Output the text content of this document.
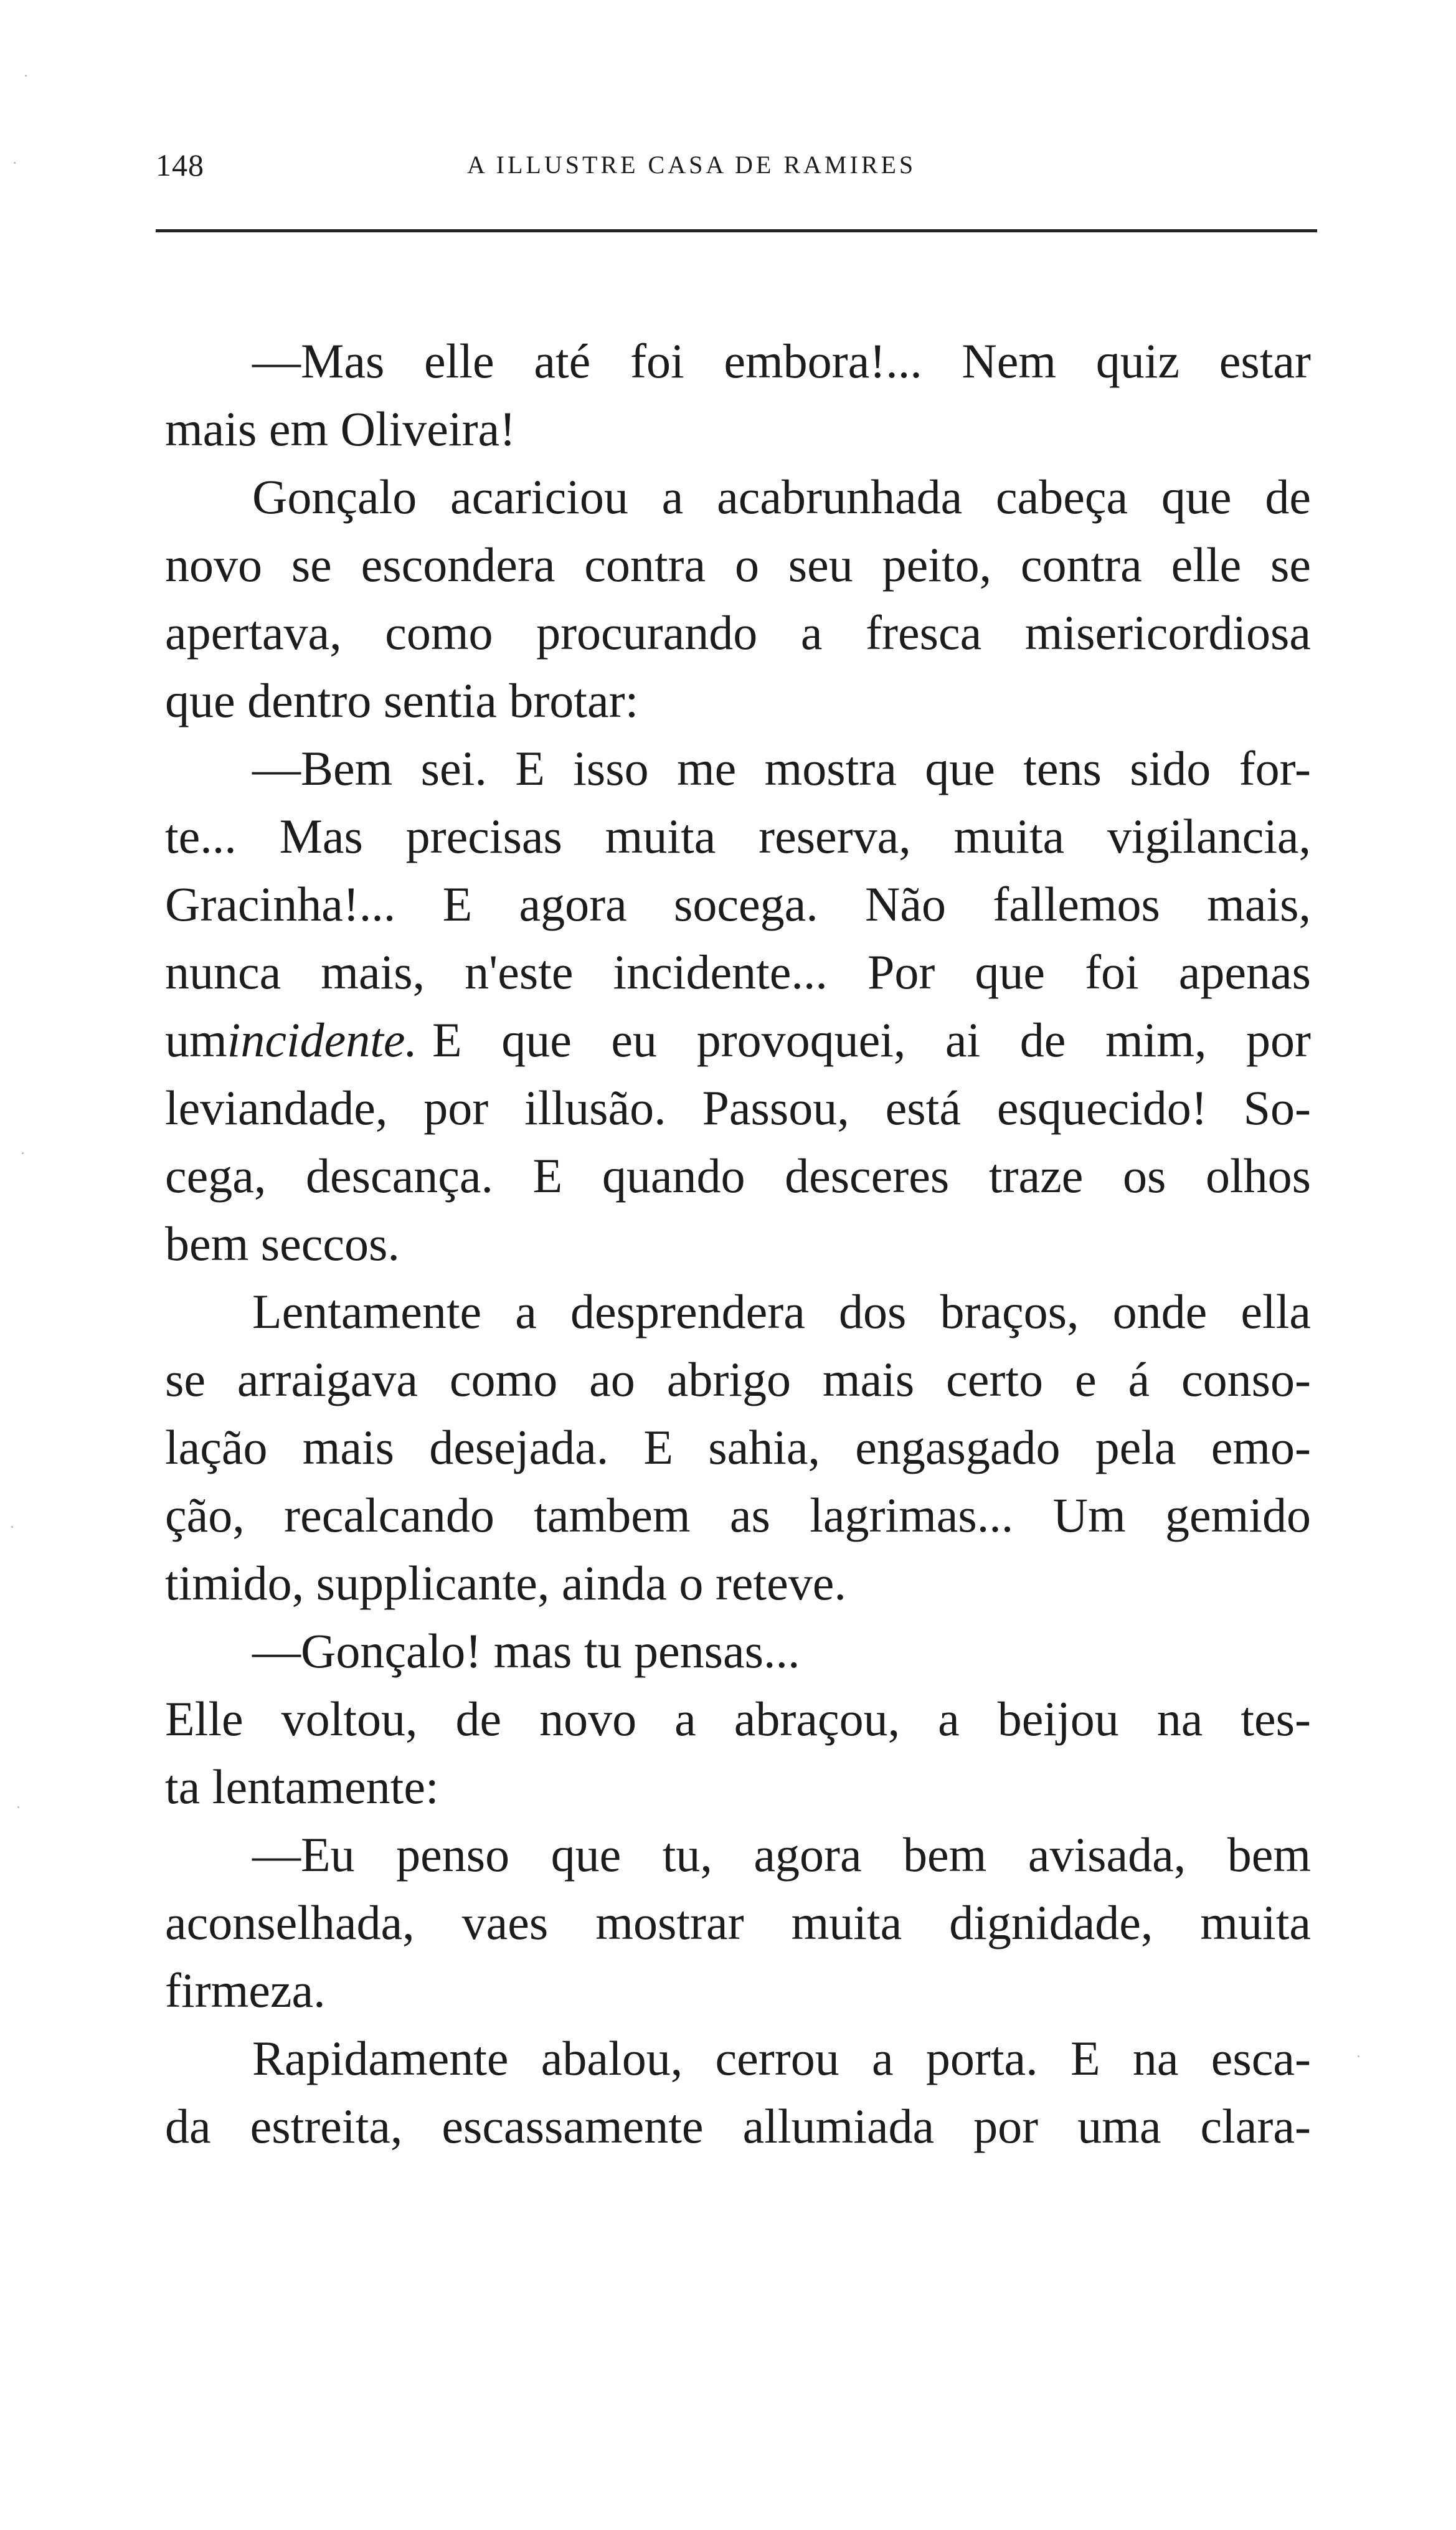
148	A ILLUSTRE CASA DE RAMIRES
—Mas elle até foi embora!... Nem quiz estar
mais em Oliveira!
Gonçalo acariciou a acabrunhada cabeça que de
novo se escondera contra o seu peito, contra elle se
apertava, como procurando a fresca misericordiosa
que dentro sentia brotar:
—Bem sei. E isso me mostra que tens sido for-
te... Mas precisas muita reserva, muita vigilancia,
Gracinha!... E agora socega. Não fallemos mais,
nunca mais, n'este incidente... Por que foi apenas
um incidente. E que eu provoquei, ai de mim, por
leviandade, por illusão. Passou, está esquecido! So-
cega, descança. E quando desceres traze os olhos
bem seccos.
Lentamente a desprendera dos braços, onde ella
se arraigava como ao abrigo mais certo e á conso-
lação mais desejada. E sahia, engasgado pela emo-
ção, recalcando tambem as lagrimas... Um gemido
timido, supplicante, ainda o reteve.
—Gonçalo! mas tu pensas...
Elle voltou, de novo a abraçou, a beijou na tes-
ta lentamente:
—Eu penso que tu, agora bem avisada, bem
aconselhada, vaes mostrar muita dignidade, muita
firmeza.
Rapidamente abalou, cerrou a porta. E na esca-
da estreita, escassamente allumiada por uma clara-
